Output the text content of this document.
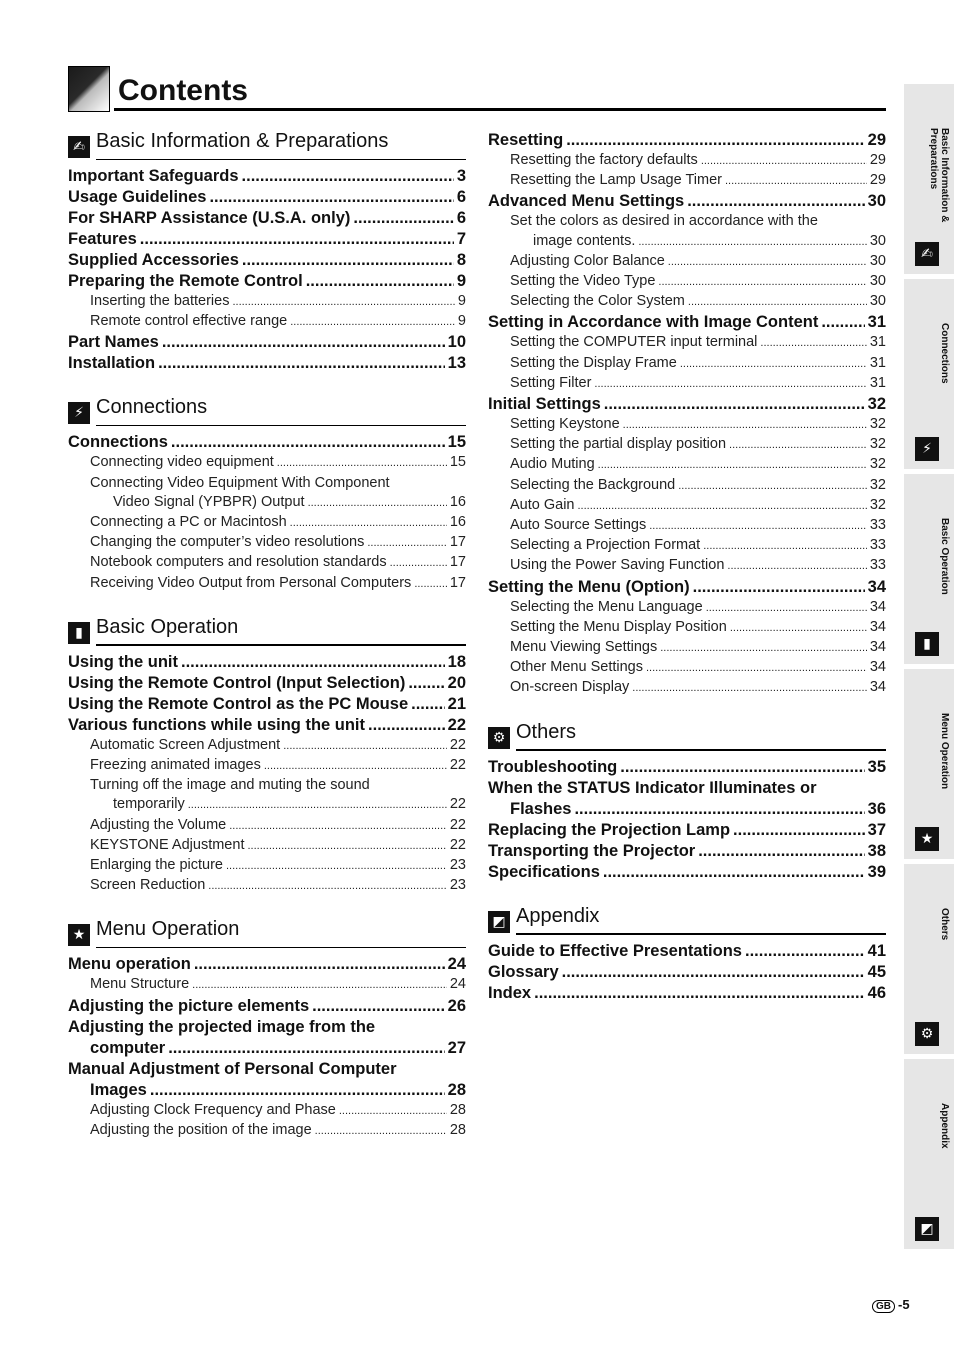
Contents
✍ Basic Information & Preparations
Important Safeguards .....	3
Usage Guidelines .....	6
For SHARP Assistance (U.S.A. only) .....	6
Features .....	7
Supplied Accessories .....	8
Preparing the Remote Control .....	9
Inserting the batteries .....	9
Remote control effective range .....	9
Part Names .....	10
Installation .....	13
⚡ Connections
Connections .....	15
Connecting video equipment .....	15
Connecting Video Equipment With Component
Video Signal (YPBPR) Output .....	16
Connecting a PC or Macintosh .....	16
Changing the computer’s video resolutions .....	17
Notebook computers and resolution standards .....	17
Receiving Video Output from Personal Computers .....	17
▮ Basic Operation
Using the unit .....	18
Using the Remote Control (Input Selection) .....	20
Using the Remote Control as the PC Mouse ..... 21
Various functions while using the unit .....	22
Automatic Screen Adjustment .....	22
Freezing animated images .....	22
Turning off the image and muting the sound
temporarily .....	22
Adjusting the Volume .....	22
KEYSTONE Adjustment .....	22
Enlarging the picture .....	23
Screen Reduction .....	23
★ Menu Operation
Menu operation .....	24
Menu Structure .....	24
Adjusting the picture elements .....	26
Adjusting the projected image from the
computer .....	27
Manual Adjustment of Personal Computer
Images .....	28
Adjusting Clock Frequency and Phase .....	28
Adjusting the position of the image .....	28
Resetting .....	29
Resetting the factory defaults .....	29
Resetting the Lamp Usage Timer .....	29
Advanced Menu Settings .....	30
Set the colors as desired in accordance with the
image contents. .....	30
Adjusting Color Balance .....	30
Setting the Video Type .....	30
Selecting the Color System .....	30
Setting in Accordance with Image Content .....	31
Setting the COMPUTER input terminal .....	31
Setting the Display Frame .....	31
Setting Filter .....	31
Initial Settings .....	32
Setting Keystone .....	32
Setting the partial display position .....	32
Audio Muting .....	32
Selecting the Background .....	32
Auto Gain .....	32
Auto Source Settings .....	33
Selecting a Projection Format .....	33
Using the Power Saving Function .....	33
Setting the Menu (Option) .....	34
Selecting the Menu Language .....	34
Setting the Menu Display Position .....	34
Menu Viewing Settings .....	34
Other Menu Settings .....	34
On-screen Display .....	34
⚙ Others
Troubleshooting .....	35
When the STATUS Indicator Illuminates or
Flashes .....	36
Replacing the Projection Lamp .....	37
Transporting the Projector .....	38
Specifications .....	39
◩ Appendix
Guide to Effective Presentations .....	41
Glossary .....	45
Index .....	46
Basic Information & Preparations
✍
Connections
⚡
Basic Operation
▮
Menu Operation
★
Others
⚙
Appendix
◩
GB -5
